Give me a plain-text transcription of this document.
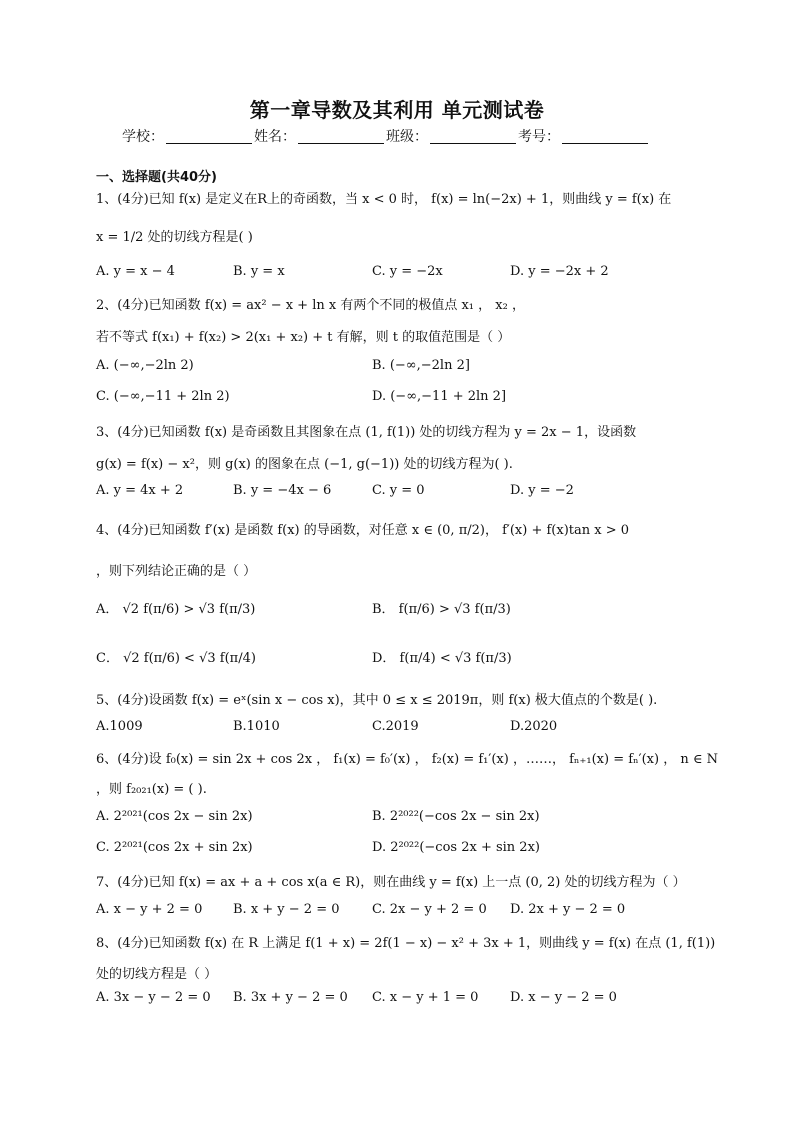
第一章导数及其利用 单元测试卷
学校：	姓名：	班级：	考号：
一、选择题(共40分)
1、(4分)已知 f(x) 是定义在R上的奇函数，当 x < 0 时， f(x) = ln(−2x) + 1，则曲线 y = f(x) 在
x = 1/2 处的切线方程是( )
A. y = x − 4	B. y = x	C. y = −2x	D. y = −2x + 2
2、(4分)已知函数 f(x) = ax² − x + ln x 有两个不同的极值点 x₁ ， x₂ ，
若不等式 f(x₁) + f(x₂) > 2(x₁ + x₂) + t 有解，则 t 的取值范围是（ ）
A. (−∞,−2ln 2)	B. (−∞,−2ln 2]
C. (−∞,−11 + 2ln 2)	D. (−∞,−11 + 2ln 2]
3、(4分)已知函数 f(x) 是奇函数且其图象在点 (1, f(1)) 处的切线方程为 y = 2x − 1，设函数
g(x) = f(x) − x²，则 g(x) 的图象在点 (−1, g(−1)) 处的切线方程为( ).
A. y = 4x + 2	B. y = −4x − 6	C. y = 0	D. y = −2
4、(4分)已知函数 f′(x) 是函数 f(x) 的导函数，对任意 x ∈ (0, π/2)， f′(x) + f(x)tan x > 0
，则下列结论正确的是（ ）
A． √2 f(π/6) > √3 f(π/3)	B． f(π/6) > √3 f(π/3)
C． √2 f(π/6) < √3 f(π/4)	D． f(π/4) < √3 f(π/3)
5、(4分)设函数 f(x) = eˣ(sin x − cos x)，其中 0 ≤ x ≤ 2019π，则 f(x) 极大值点的个数是( ).
A.1009	B.1010	C.2019	D.2020
6、(4分)设 f₀(x) = sin 2x + cos 2x ， f₁(x) = f₀′(x) ， f₂(x) = f₁′(x) ，……， fₙ₊₁(x) = fₙ′(x) ， n ∈ N
，则 f₂₀₂₁(x) = ( ).
A. 2²⁰²¹(cos 2x − sin 2x)	B. 2²⁰²²(−cos 2x − sin 2x)
C. 2²⁰²¹(cos 2x + sin 2x)	D. 2²⁰²²(−cos 2x + sin 2x)
7、(4分)已知 f(x) = ax + a + cos x(a ∈ R)，则在曲线 y = f(x) 上一点 (0, 2) 处的切线方程为（ ）
A. x − y + 2 = 0 B. x + y − 2 = 0 C. 2x − y + 2 = 0 D. 2x + y − 2 = 0
8、(4分)已知函数 f(x) 在 R 上满足 f(1 + x) = 2f(1 − x) − x² + 3x + 1，则曲线 y = f(x) 在点 (1, f(1))
处的切线方程是（ ）
A. 3x − y − 2 = 0 B. 3x + y − 2 = 0 C. x − y + 1 = 0 D. x − y − 2 = 0
